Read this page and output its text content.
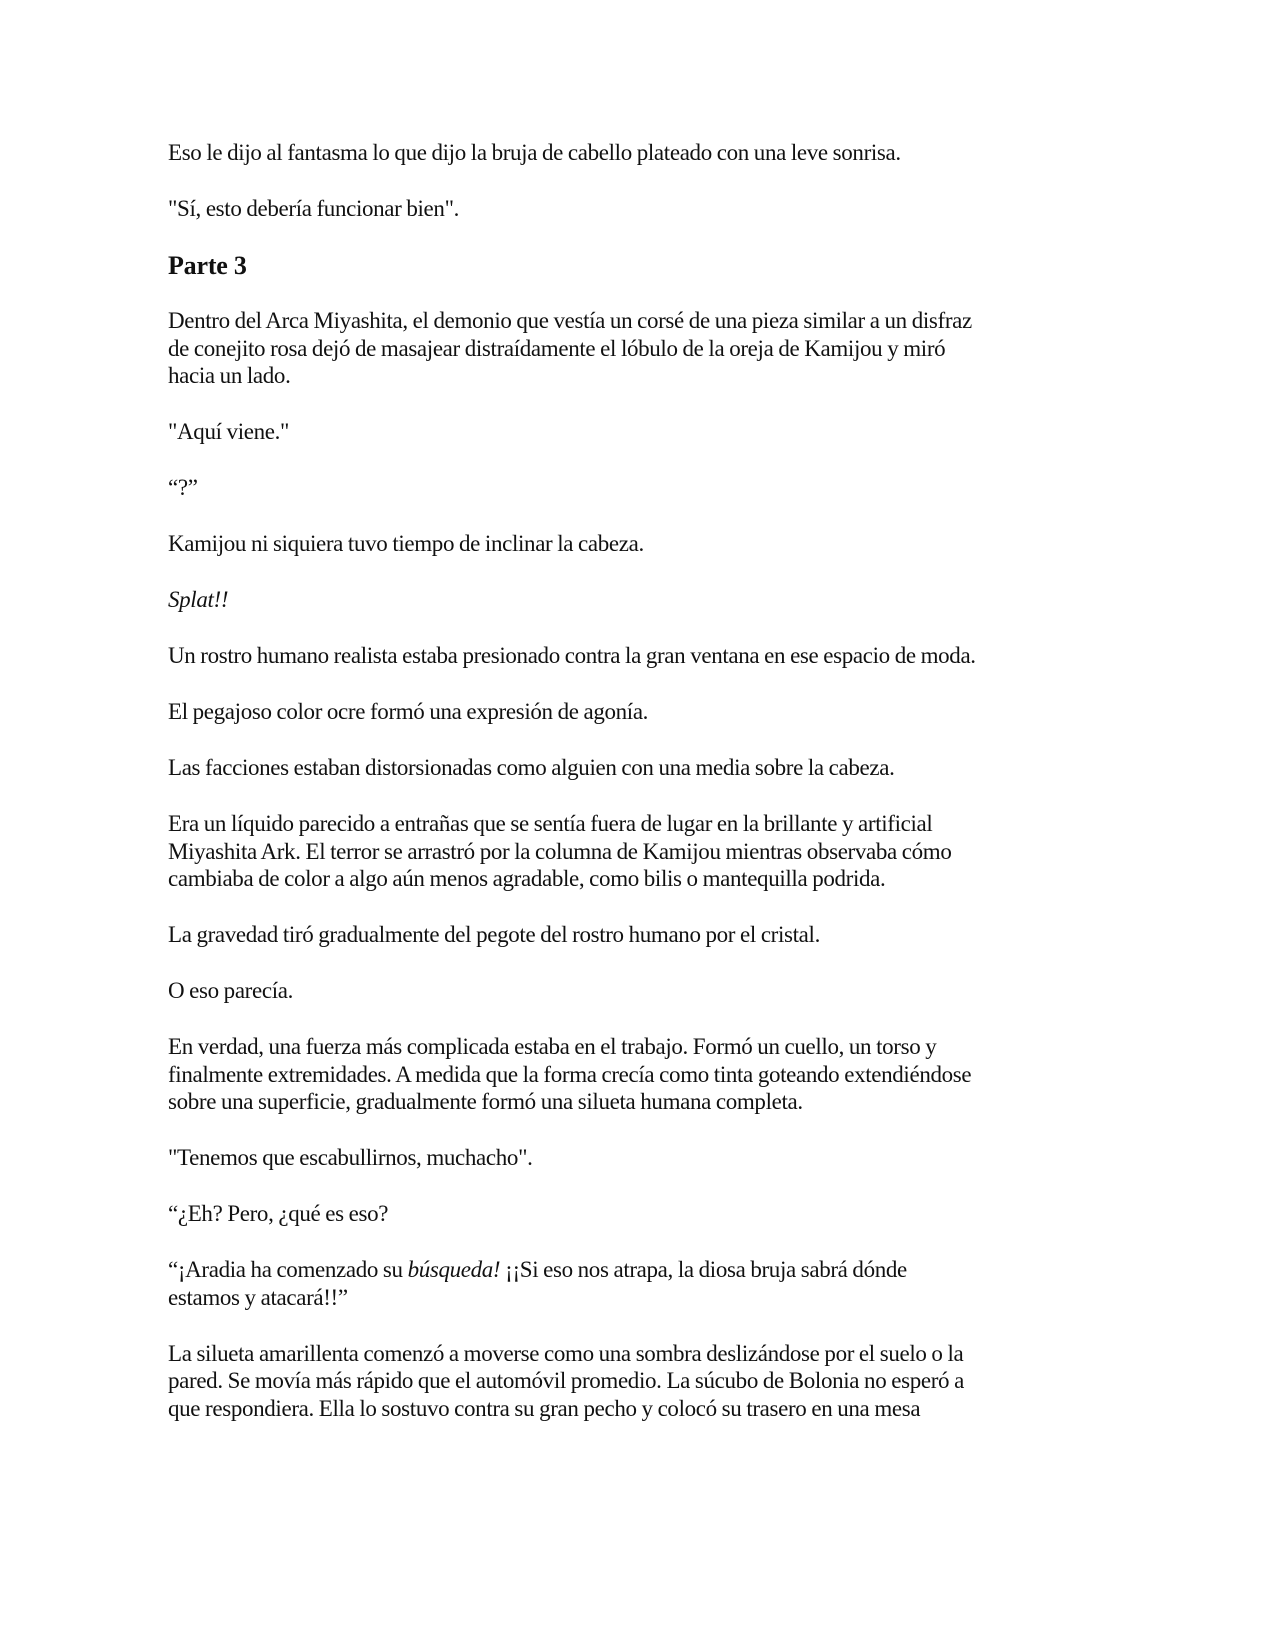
Eso le dijo al fantasma lo que dijo la bruja de cabello plateado con una leve sonrisa.

"Sí, esto debería funcionar bien".

Parte 3

Dentro del Arca Miyashita, el demonio que vestía un corsé de una pieza similar a un disfraz
de conejito rosa dejó de masajear distraídamente el lóbulo de la oreja de Kamijou y miró
hacia un lado.

"Aquí viene."

“?”

Kamijou ni siquiera tuvo tiempo de inclinar la cabeza.

Splat!!

Un rostro humano realista estaba presionado contra la gran ventana en ese espacio de moda.

El pegajoso color ocre formó una expresión de agonía.

Las facciones estaban distorsionadas como alguien con una media sobre la cabeza.

Era un líquido parecido a entrañas que se sentía fuera de lugar en la brillante y artificial
Miyashita Ark. El terror se arrastró por la columna de Kamijou mientras observaba cómo
cambiaba de color a algo aún menos agradable, como bilis o mantequilla podrida.

La gravedad tiró gradualmente del pegote del rostro humano por el cristal.

O eso parecía.

En verdad, una fuerza más complicada estaba en el trabajo. Formó un cuello, un torso y
finalmente extremidades. A medida que la forma crecía como tinta goteando extendiéndose
sobre una superficie, gradualmente formó una silueta humana completa.

"Tenemos que escabullirnos, muchacho".

“¿Eh? Pero, ¿qué es eso?

“¡Aradia ha comenzado su búsqueda! ¡¡Si eso nos atrapa, la diosa bruja sabrá dónde
estamos y atacará!!”

La silueta amarillenta comenzó a moverse como una sombra deslizándose por el suelo o la
pared. Se movía más rápido que el automóvil promedio. La súcubo de Bolonia no esperó a
que respondiera. Ella lo sostuvo contra su gran pecho y colocó su trasero en una mesa
